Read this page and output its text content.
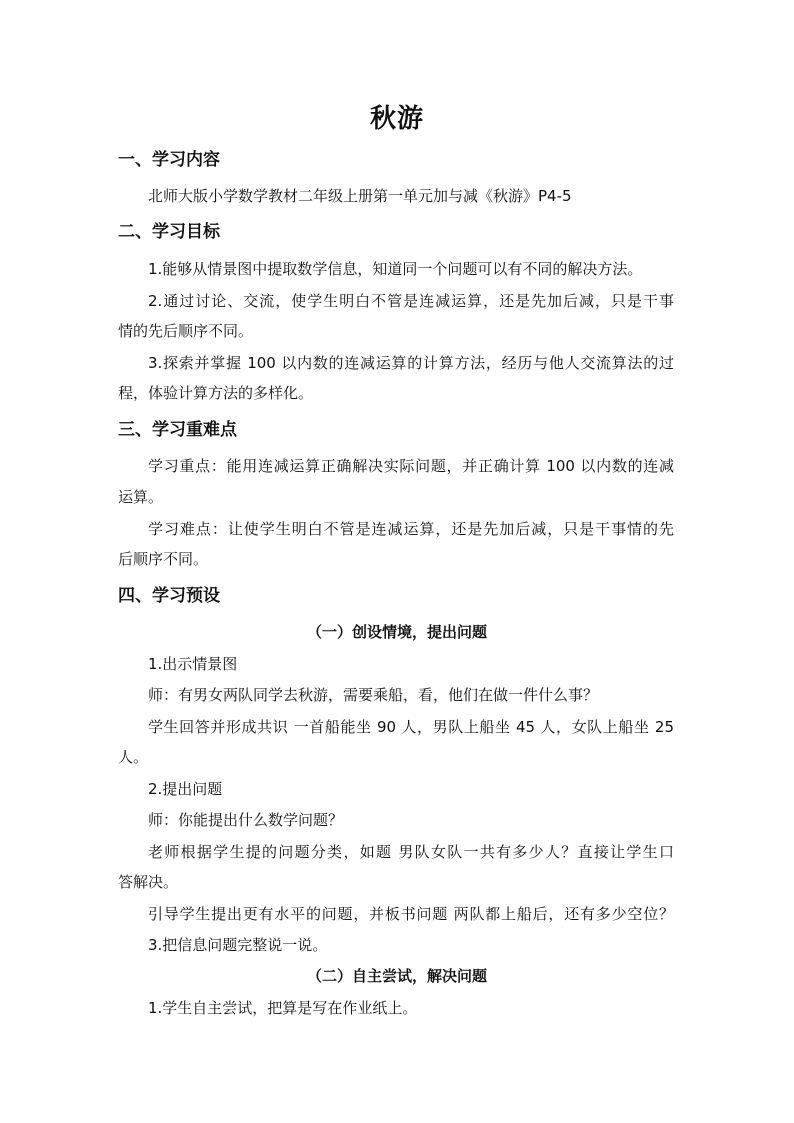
秋游
一、学习内容
北师大版小学数学教材二年级上册第一单元加与减《秋游》P4-5
二、学习目标
1.能够从情景图中提取数学信息，知道同一个问题可以有不同的解决方法。
2.通过讨论、交流，使学生明白不管是连减运算，还是先加后减，只是干事
情的先后顺序不同。
3.探索并掌握 100 以内数的连减运算的计算方法，经历与他人交流算法的过
程，体验计算方法的多样化。
三、学习重难点
学习重点：能用连减运算正确解决实际问题，并正确计算 100 以内数的连减
运算。
学习难点：让使学生明白不管是连减运算，还是先加后减，只是干事情的先
后顺序不同。
四、学习预设
（一）创设情境，提出问题
1.出示情景图
师：有男女两队同学去秋游，需要乘船，看，他们在做一件什么事？
学生回答并形成共识 一首船能坐 90 人，男队上船坐 45 人，女队上船坐 25
人。
2.提出问题
师：你能提出什么数学问题？
老师根据学生提的问题分类，如题 男队女队一共有多少人？直接让学生口
答解决。
引导学生提出更有水平的问题，并板书问题 两队都上船后，还有多少空位？
3.把信息问题完整说一说。
（二）自主尝试，解决问题
1.学生自主尝试，把算是写在作业纸上。
